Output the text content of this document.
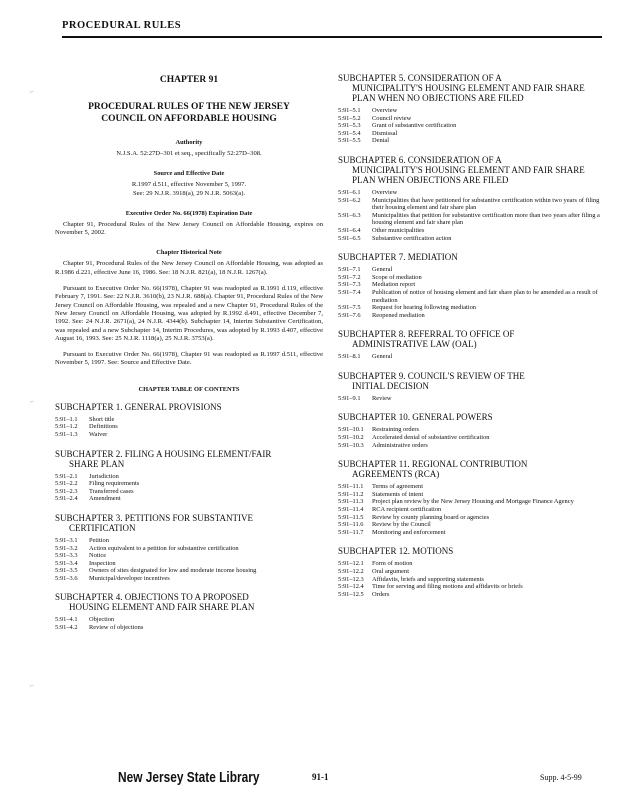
PROCEDURAL RULES
CHAPTER 91
PROCEDURAL RULES OF THE NEW JERSEY
COUNCIL ON AFFORDABLE HOUSING
Authority
N.J.S.A. 52:27D–301 et seq., specifically 52:27D–308.
Source and Effective Date
R.1997 d.511, effective November 5, 1997.
See: 29 N.J.R. 3918(a), 29 N.J.R. 5063(a).
Executive Order No. 66(1978) Expiration Date
Chapter 91, Procedural Rules of the New Jersey Council on Affordable Housing, expires on November 5, 2002.
Chapter Historical Note
Chapter 91, Procedural Rules of the New Jersey Council on Affordable Housing, was adopted as R.1986 d.221, effective June 16, 1986. See: 18 N.J.R. 821(a), 18 N.J.R. 1267(a).
Pursuant to Executive Order No. 66(1978), Chapter 91 was readopted as R.1991 d.119, effective February 7, 1991. See: 22 N.J.R. 3610(b), 23 N.J.R. 688(a). Chapter 91, Procedural Rules of the New Jersey Council on Affordable Housing, was repealed and a new Chapter 91, Procedural Rules of the New Jersey Council on Affordable Housing, was adopted by R.1992 d.491, effective December 7, 1992. See: 24 N.J.R. 2671(a), 24 N.J.R. 4344(b). Subchapter 14, Interim Substantive Certification, was repealed and a new Subchapter 14, Interim Procedures, was adopted by R.1993 d.407, effective August 16, 1993. See: 25 N.J.R. 1118(a), 25 N.J.R. 3753(a).
Pursuant to Executive Order No. 66(1978), Chapter 91 was readopted as R.1997 d.511, effective November 5, 1997. See: Source and Effective Date.
CHAPTER TABLE OF CONTENTS
SUBCHAPTER 1. GENERAL PROVISIONS
5:91–1.1	Short title
5:91–1.2	Definitions
5:91–1.3	Waiver
SUBCHAPTER 2. FILING A HOUSING ELEMENT/FAIR
SHARE PLAN
5:91–2.1	Jurisdiction
5:91–2.2	Filing requirements
5:91–2.3	Transferred cases
5:91–2.4	Amendment
SUBCHAPTER 3. PETITIONS FOR SUBSTANTIVE
CERTIFICATION
5:91–3.1	Petition
5:91–3.2	Action equivalent to a petition for substantive certification
5:91–3.3	Notice
5:91–3.4	Inspection
5:91–3.5	Owners of sites designated for low and moderate income housing
5:91–3.6	Municipal/developer incentives
SUBCHAPTER 4. OBJECTIONS TO A PROPOSED
HOUSING ELEMENT AND FAIR SHARE PLAN
5:91–4.1	Objection
5:91–4.2	Review of objections
SUBCHAPTER 5. CONSIDERATION OF A
MUNICIPALITY'S HOUSING ELEMENT AND FAIR SHARE PLAN WHEN NO OBJECTIONS ARE FILED
5:91–5.1	Overview
5:91–5.2	Council review
5:91–5.3	Grant of substantive certification
5:91–5.4	Dismissal
5:91–5.5	Denial
SUBCHAPTER 6. CONSIDERATION OF A
MUNICIPALITY'S HOUSING ELEMENT AND FAIR SHARE PLAN WHEN OBJECTIONS ARE FILED
5:91–6.1	Overview
5:91–6.2	Municipalities that have petitioned for substantive certification within two years of filing their housing element and fair share plan
5:91–6.3	Municipalities that petition for substantive certification more than two years after filing a housing element and fair share plan
5:91–6.4	Other municipalities
5:91–6.5	Substantive certification action
SUBCHAPTER 7. MEDIATION
5:91–7.1	General
5:91–7.2	Scope of mediation
5:91–7.3	Mediation report
5:91–7.4	Publication of notice of housing element and fair share plan to be amended as a result of mediation
5:91–7.5	Request for hearing following mediation
5:91–7.6	Reopened mediation
SUBCHAPTER 8. REFERRAL TO OFFICE OF
ADMINISTRATIVE LAW (OAL)
5:91–8.1	General
SUBCHAPTER 9. COUNCIL'S REVIEW OF THE
INITIAL DECISION
5:91–9.1	Review
SUBCHAPTER 10. GENERAL POWERS
5:91–10.1	Restraining orders
5:91–10.2	Accelerated denial of substantive certification
5:91–10.3	Administrative orders
SUBCHAPTER 11. REGIONAL CONTRIBUTION
AGREEMENTS (RCA)
5:91–11.1	Terms of agreement
5:91–11.2	Statements of intent
5:91–11.3	Project plan review by the New Jersey Housing and Mortgage Finance Agency
5:91–11.4	RCA recipient certification
5:91–11.5	Review by county planning board or agencies
5:91–11.6	Review by the Council
5:91–11.7	Monitoring and enforcement
SUBCHAPTER 12. MOTIONS
5:91–12.1	Form of motion
5:91–12.2	Oral argument
5:91–12.3	Affidavits, briefs and supporting statements
5:91–12.4	Time for serving and filing motions and affidavits or briefs
5:91–12.5	Orders
New Jersey State Library	91-1	Supp. 4-5-99
⌐
⌐
⌐
